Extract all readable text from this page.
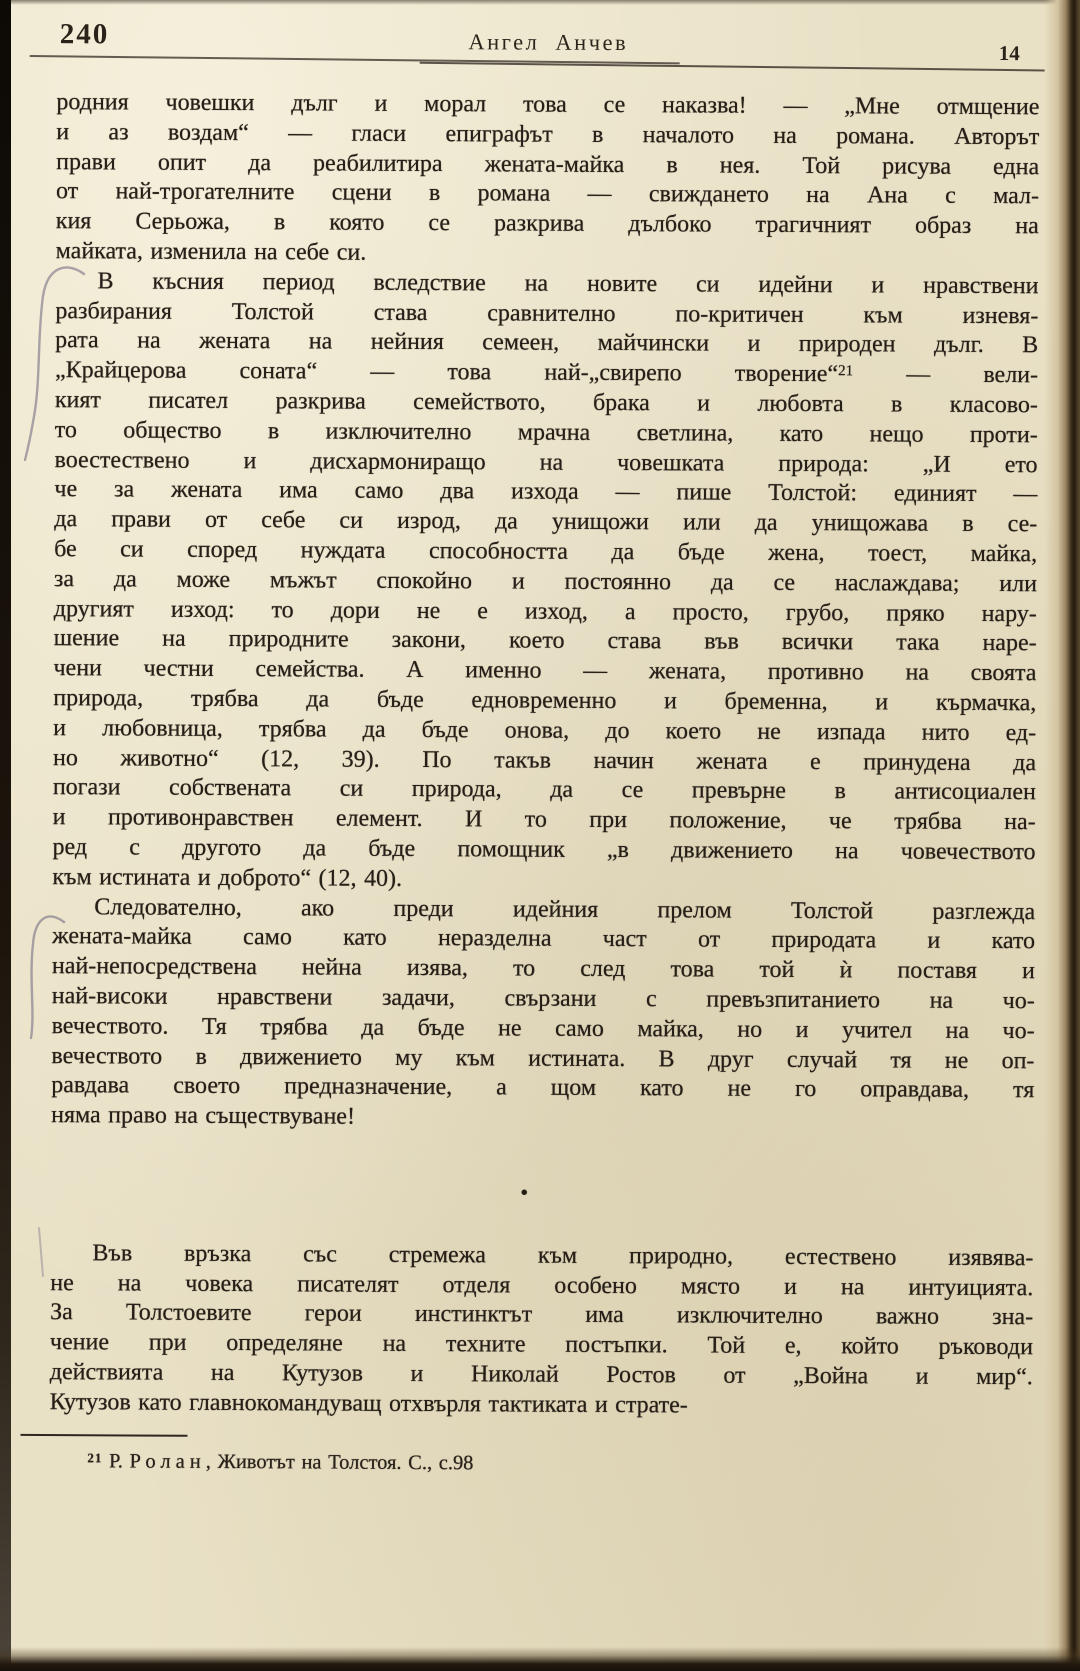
240	Ангел Анчев	14
родния човешки дълг и морал това се наказва! — „Мне отмщение
и аз воздам“ — гласи епиграфът в началото на романа. Авторът
прави опит да реабилитира жената-майка в нея. Той рисува една
от най-трогателните сцени в романа — свиждането на Ана с мал-
кия Серьожа, в която се разкрива дълбоко трагичният образ на
майката, изменила на себе си.
В късния период вследствие на новите си идейни и нравствени
разбирания Толстой става сравнително по-критичен към изневя-
рата на жената на нейния семеен, майчински и природен дълг. В
„Крайцерова соната“ — това най-„свирепо творение“$^{21}$ — вели-
кият писател разкрива семейството, брака и любовта в класово-
то общество в изключително мрачна светлина, като нещо проти-
воестествено и дисхармониращо на човешката природа: „И ето
че за жената има само два изхода — пише Толстой: единият —
да прави от себе си изрод, да унищожи или да унищожава в се-
бе си според нуждата способността да бъде жена, тоест, майка,
за да може мъжът спокойно и постоянно да се наслаждава; или
другият изход: то дори не е изход, а просто, грубо, пряко нару-
шение на природните закони, което става във всички така наре-
чени честни семейства. А именно — жената, противно на своята
природа, трябва да бъде едновременно и бременна, и кърмачка,
и любовница, трябва да бъде онова, до което не изпада нито ед-
но животно“ (12, 39). По такъв начин жената е принудена да
погази собствената си природа, да се превърне в антисоциален
и противонравствен елемент. И то при положение, че трябва на-
ред с другото да бъде помощник „в движението на човечеството
към истината и доброто“ (12, 40).
Следователно, ако преди идейния прелом Толстой разглежда
жената-майка само като неразделна част от природата и като
най-непосредствена нейна изява, то след това той ѝ поставя и
най-високи нравствени задачи, свързани с превъзпитанието на чо-
вечеството. Тя трябва да бъде не само майка, но и учител на чо-
вечеството в движението му към истината. В друг случай тя не оп-
равдава своето предназначение, а щом като не го оправдава, тя
няма право на съществуване!
•
Във връзка със стремежа към природно, естествено изявява-
не на човека писателят отделя особено място и на интуицията.
За Толстоевите герои инстинктът има изключително важно зна-
чение при определяне на техните постъпки. Той е, който ръководи
действията на Кутузов и Николай Ростов от „Война и мир“.
Кутузов като главнокомандуващ отхвърля тактиката и страте-
$^{21}$ Р. Ролан, Животът на Толстоя. С., с.98
